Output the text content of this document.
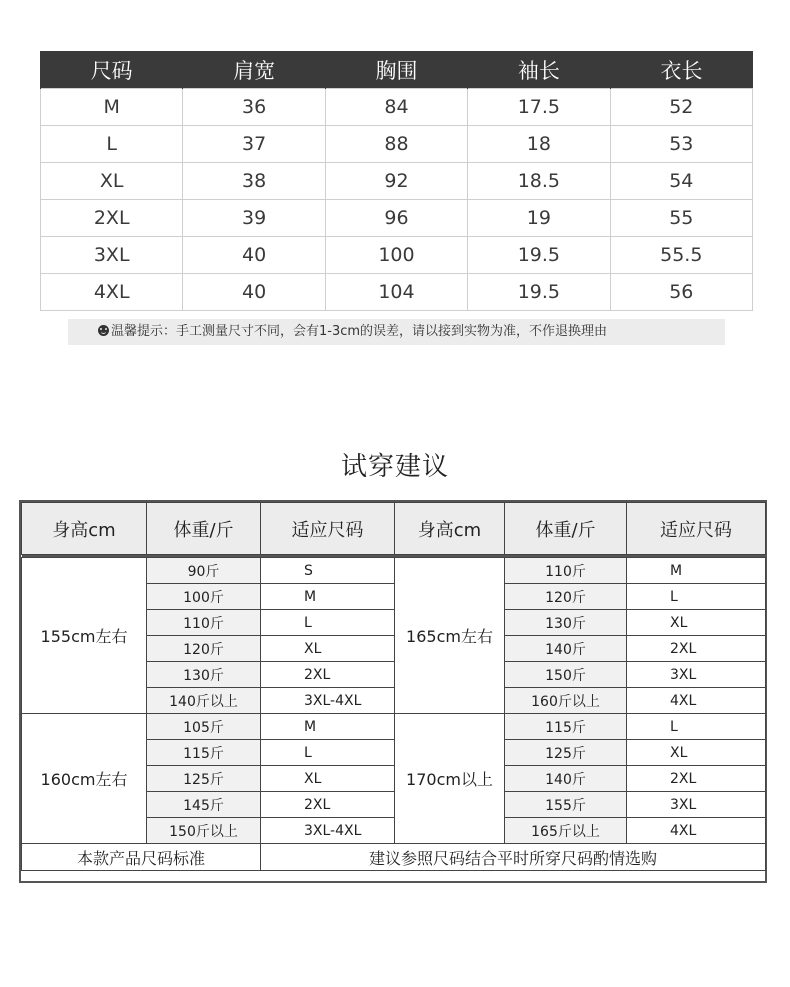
尺码	肩宽	胸围	袖长	衣长
M	36	84	17.5	52
L	37	88	18	53
XL	38	92	18.5	54
2XL	39	96	19	55
3XL	40	100	19.5	55.5
4XL	40	104	19.5	56
温馨提示：手工测量尺寸不同，会有1-3cm的误差，请以接到实物为准，不作退换理由
试穿建议
身高cm	体重/斤	适应尺码	身高cm	体重/斤	适应尺码

155cm左右	90斤	S	165cm左右	110斤	M
	100斤	M		120斤	L
	110斤	L		130斤	XL
	120斤	XL		140斤	2XL
	130斤	2XL		150斤	3XL
	140斤以上	3XL-4XL		160斤以上	4XL
160cm左右	105斤	M	170cm以上	115斤	L
	115斤	L		125斤	XL
	125斤	XL		140斤	2XL
	145斤	2XL		155斤	3XL
	150斤以上	3XL-4XL		165斤以上	4XL
本款产品尺码标准		建议参照尺码结合平时所穿尺码酌情选购			
